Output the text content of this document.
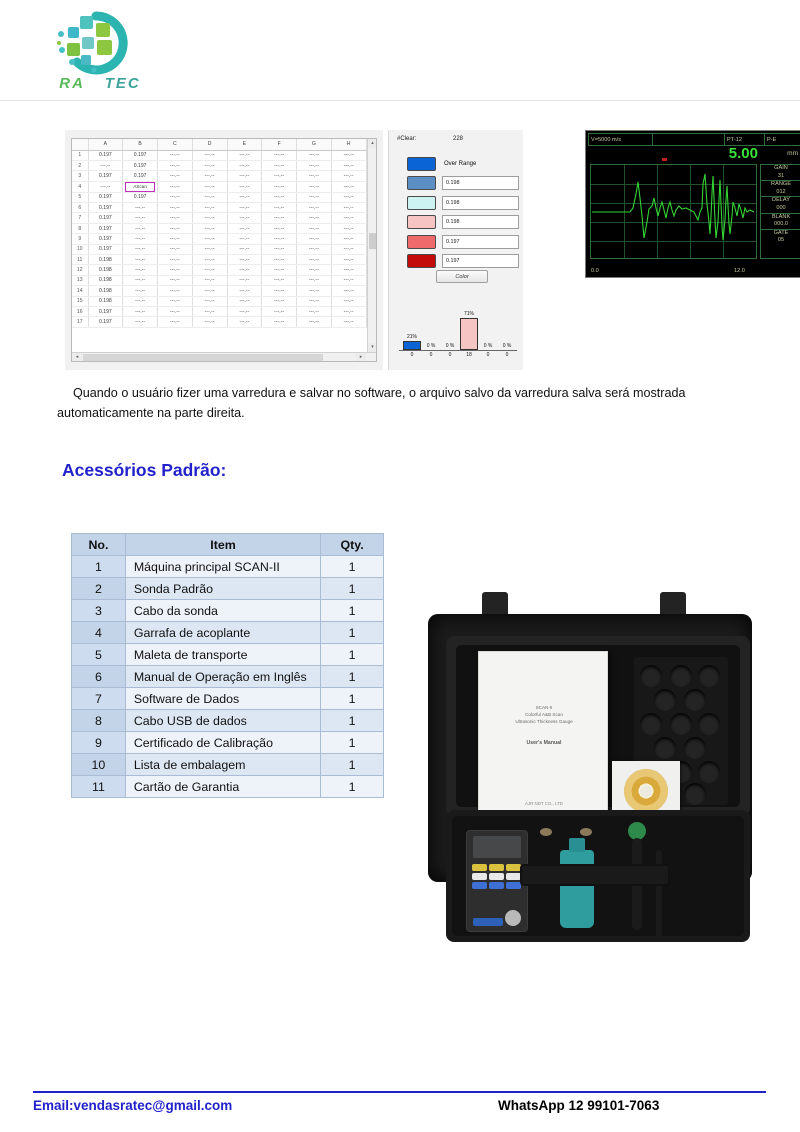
RA TEC
	A	B	C	D	E	F	G	H	
1	0.197	0.197	---.--	---.--	---.--	---.--	---.--	---.--	
2	---.--	0.197	---.--	---.--	---.--	---.--	---.--	---.--	
3	0.197	0.197	---.--	---.--	---.--	---.--	---.--	---.--	
4	---.--	AScan	---.--	---.--	---.--	---.--	---.--	---.--	
5	0.197	0.197	---.--	---.--	---.--	---.--	---.--	---.--	
6	0.197	---.--	---.--	---.--	---.--	---.--	---.--	---.--	
7	0.197	---.--	---.--	---.--	---.--	---.--	---.--	---.--	
8	0.197	---.--	---.--	---.--	---.--	---.--	---.--	---.--	
9	0.197	---.--	---.--	---.--	---.--	---.--	---.--	---.--	
10	0.197	---.--	---.--	---.--	---.--	---.--	---.--	---.--	
11	0.198	---.--	---.--	---.--	---.--	---.--	---.--	---.--	
12	0.198	---.--	---.--	---.--	---.--	---.--	---.--	---.--	
13	0.198	---.--	---.--	---.--	---.--	---.--	---.--	---.--	
14	0.198	---.--	---.--	---.--	---.--	---.--	---.--	---.--	
15	0.198	---.--	---.--	---.--	---.--	---.--	---.--	---.--	
16	0.197	---.--	---.--	---.--	---.--	---.--	---.--	---.--	
17	0.197	---.--	---.--	---.--	---.--	---.--	---.--	---.--	
▴
▾
◂	▸
#Clear:	228
Over Range
0.198
0.198
0.198
0.197
0.197
Color
21%
0 %	0 %
71%
0 %	0 %
0	0	0	18	0	0
V=5000 m/s	PT-12	P-E
5.00	mm
GAIN
31
RANGE
012
DELAY
000
BLANK
000.0
GATE
05
0.0	12.0
Quando o usuário fizer uma varredura e salvar no software, o arquivo salvo da varredura salva será mostrada automaticamente na parte direita.
Acessórios Padrão:
No.	Item	Qty.
1	Máquina principal SCAN-II	1
2	Sonda Padrão	1
3	Cabo da sonda	1
4	Garrafa de acoplante	1
5	Maleta de transporte	1
6	Manual de Operação em Inglês	1
7	Software de Dados	1
8	Cabo USB de dados	1
9	Certificado de Calibração	1
10	Lista de embalagem	1
11	Cartão de Garantia	1
SCAN-II
Colorful A&B Scan
Ultrasonic Thickness Gauge
User's Manual
AJR NDT CO., LTD
Email:vendasratec@gmail.com	WhatsApp 12 99101-7063
